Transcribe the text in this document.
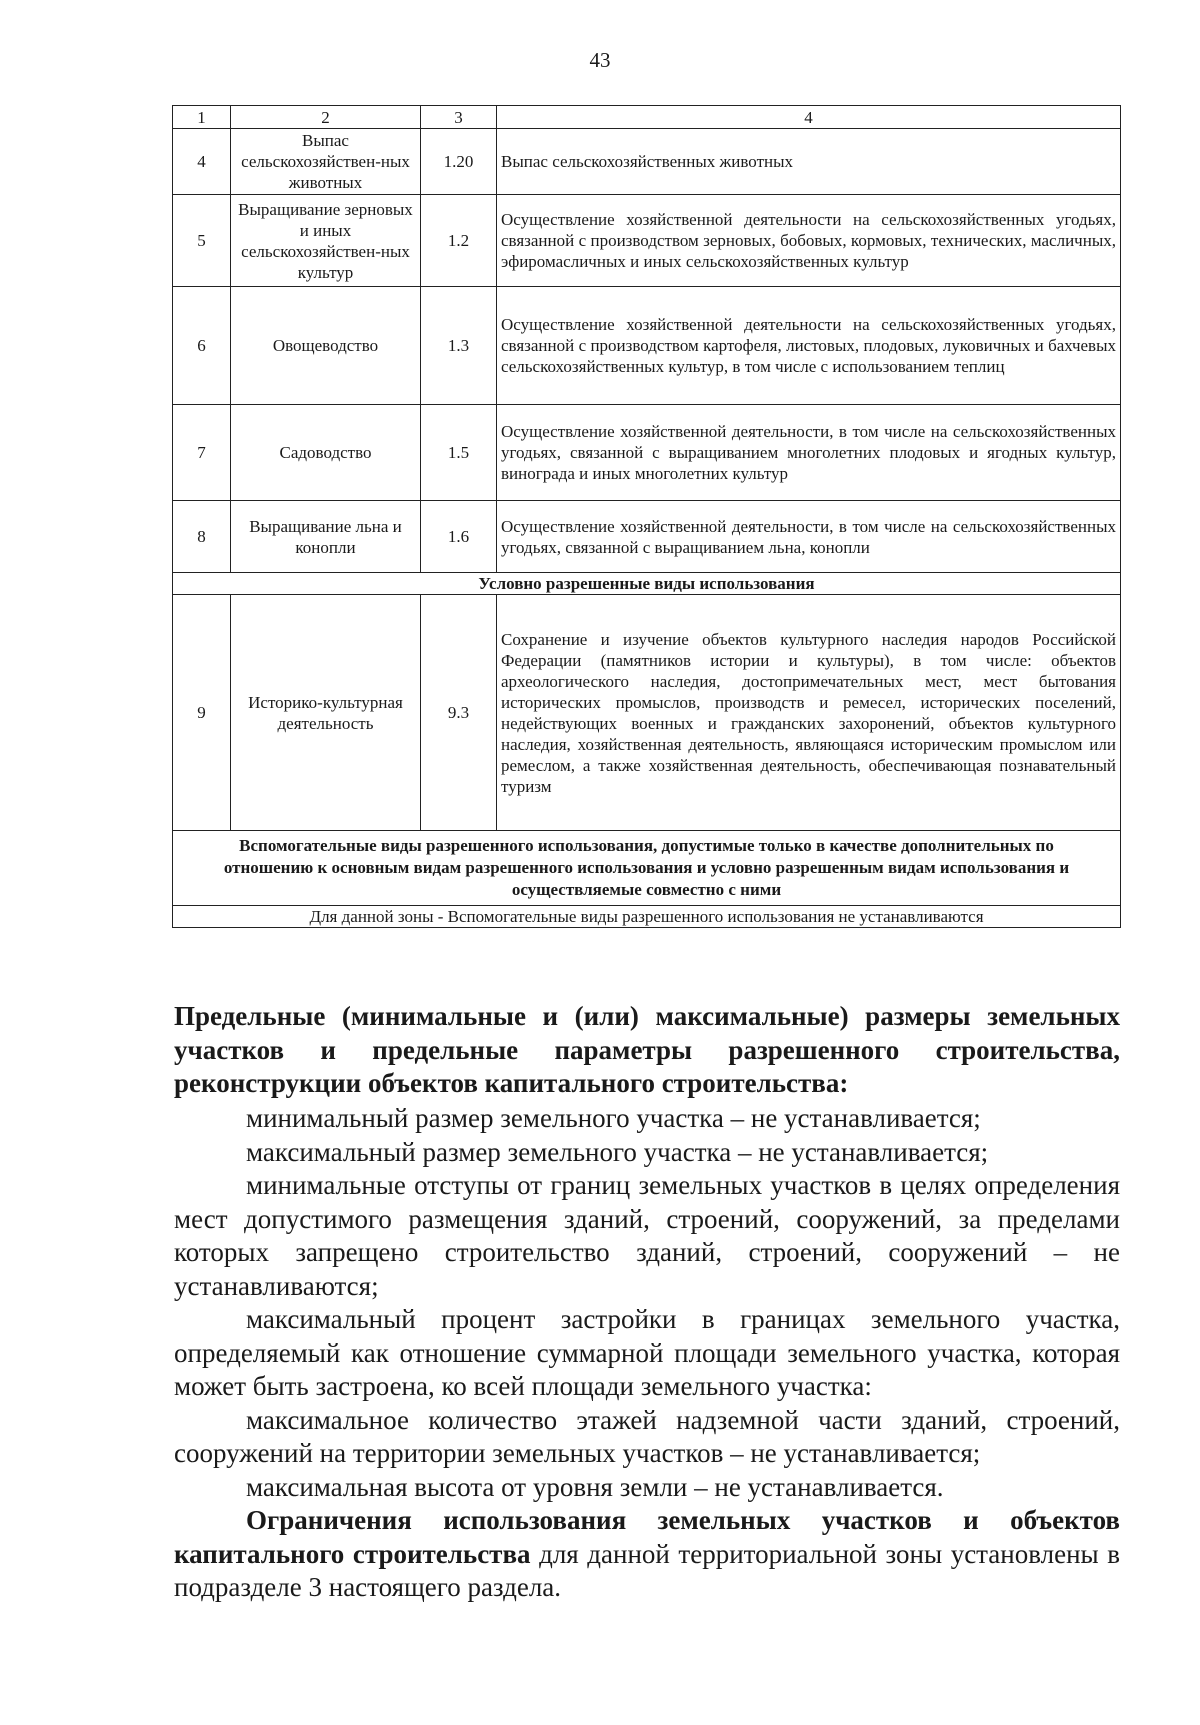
43
1	2	3	4
4	Выпас сельскохозяйствен-ных животных	1.20	Выпас сельскохозяйственных животных
5	Выращивание зерновых и иных сельскохозяйствен-ных культур	1.2	Осуществление хозяйственной деятельности на сельскохозяйственных угодьях, связанной с производством зерновых, бобовых, кормовых, технических, масличных, эфиромасличных и иных сельскохозяйственных культур
6	Овощеводство	1.3	Осуществление хозяйственной деятельности на сельскохозяйственных угодьях, связанной с производством картофеля, листовых, плодовых, луковичных и бахчевых сельскохозяйственных культур, в том числе с использованием теплиц
7	Садоводство	1.5	Осуществление хозяйственной деятельности, в том числе на сельскохозяйственных угодьях, связанной с выращиванием многолетних плодовых и ягодных культур, винограда и иных многолетних культур
8	Выращивание льна и конопли	1.6	Осуществление хозяйственной деятельности, в том числе на сельскохозяйственных угодьях, связанной с выращиванием льна, конопли
Условно разрешенные виды использования			
9	Историко-культурная деятельность	9.3	Сохранение и изучение объектов культурного наследия народов Российской Федерации (памятников истории и культуры), в том числе: объектов археологического наследия, достопримечательных мест, мест бытования исторических промыслов, производств и ремесел, исторических поселений, недействующих военных и гражданских захоронений, объектов культурного наследия, хозяйственная деятельность, являющаяся историческим промыслом или ремеслом, а также хозяйственная деятельность, обеспечивающая познавательный туризм
Вспомогательные виды разрешенного использования, допустимые только в качестве дополнительных по отношению к основным видам разрешенного использования и условно разрешенным видам использования и осуществляемые совместно с ними			
Для данной зоны - Вспомогательные виды разрешенного использования не устанавливаются			
Предельные (минимальные и (или) максимальные) размеры земельных участков и предельные параметры разрешенного строительства, реконструкции объектов капитального строительства:

минимальный размер земельного участка – не устанавливается;

максимальный размер земельного участка – не устанавливается;

минимальные отступы от границ земельных участков в целях определения мест допустимого размещения зданий, строений, сооружений, за пределами которых запрещено строительство зданий, строений, сооружений – не устанавливаются;

максимальный процент застройки в границах земельного участка, определяемый как отношение суммарной площади земельного участка, которая может быть застроена, ко всей площади земельного участка:

максимальное количество этажей надземной части зданий, строений, сооружений на территории земельных участков – не устанавливается;

максимальная высота от уровня земли – не устанавливается.

Ограничения использования земельных участков и объектов капитального строительства для данной территориальной зоны установлены в подразделе 3 настоящего раздела.
